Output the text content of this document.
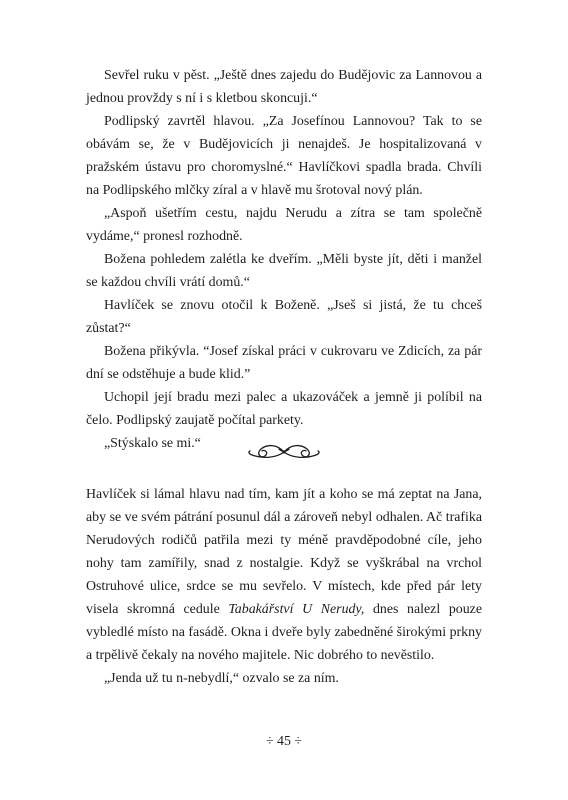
Sevřel ruku v pěst. „Ještě dnes zajedu do Budějovic za Lannovou a jednou provždy s ní i s kletbou skoncuji.“

Podlipský zavrtěl hlavou. „Za Josefínou Lannovou? Tak to se obávám se, že v Budějovicích ji nenajdeš. Je hospitalizovaná v pražském ústavu pro choromyslné.“ Havlíčkovi spadla brada. Chvíli na Podlipského mlčky zíral a v hlavě mu šrotoval nový plán.

„Aspoň ušetřím cestu, najdu Nerudu a zítra se tam společně vydáme,“ pronesl rozhodně.

Božena pohledem zalétla ke dveřím. „Měli byste jít, děti i manžel se každou chvíli vrátí domů.“

Havlíček se znovu otočil k Boženě. „Jseš si jistá, že tu chceš zůstat?“

Božena přikývla. “Josef získal práci v cukrovaru ve Zdicích, za pár dní se odstěhuje a bude klid.”

Uchopil její bradu mezi palec a ukazováček a jemně ji políbil na čelo. Podlipský zaujatě počítal parkety.

„Stýskalo se mi.“

Havlíček si lámal hlavu nad tím, kam jít a koho se má zeptat na Jana, aby se ve svém pátrání posunul dál a zároveň nebyl odhalen. Ač trafika Nerudových rodičů patřila mezi ty méně pravděpodobné cíle, jeho nohy tam zamířily, snad z nostalgie. Když se vyškrábal na vrchol Ostruhové ulice, srdce se mu sevřelo. V místech, kde před pár lety visela skromná cedule Tabakářství U Nerudy, dnes nalezl pouze vybledlé místo na fasádě. Okna i dveře byly zabedněné širokými prkny a trpělivě čekaly na nového majitele. Nic dobrého to nevěstilo.

„Jenda už tu n-nebydlí,“ ozvalo se za ním.

÷ 45 ÷
